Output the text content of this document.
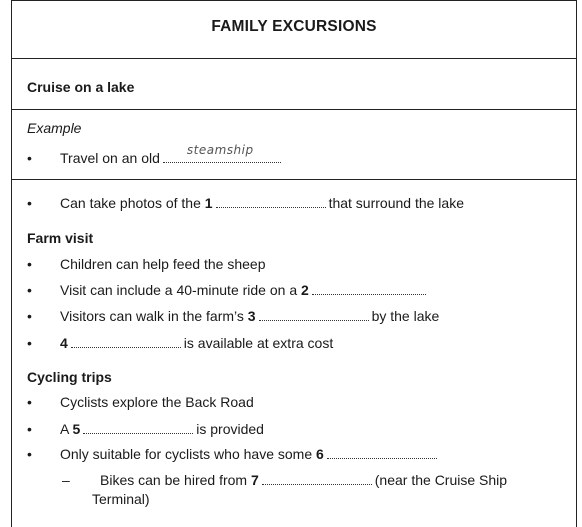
FAMILY EXCURSIONS
Cruise on a lake
Example
• Travel on an old steamship
• Can take photos of the 1	that surround the lake
Farm visit
• Children can help feed the sheep
• Visit can include a 40-minute ride on a 2
• Visitors can walk in the farm’s 3	by the lake
• 4	is available at extra cost
Cycling trips
• Cyclists explore the Back Road
• A 5	is provided
• Only suitable for cyclists who have some 6
– Bikes can be hired from 7	(near the Cruise Ship
Terminal)
